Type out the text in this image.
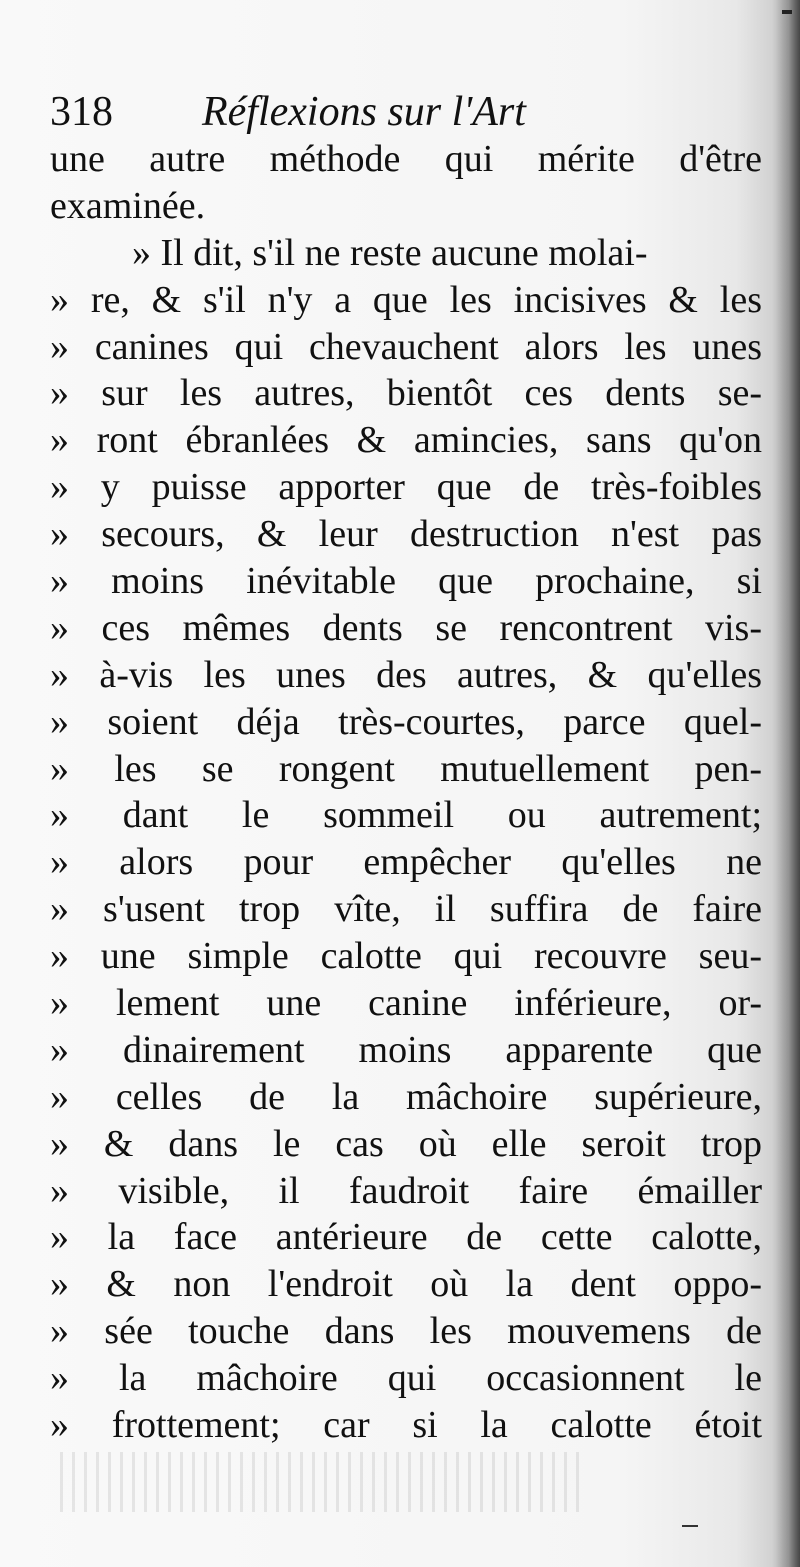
318 Réflexions sur l'Art
une autre méthode qui mérite d'être
examinée.
» Il dit, s'il ne reste aucune molai-
» re, & s'il n'y a que les incisives & les
» canines qui chevauchent alors les unes
» sur les autres, bientôt ces dents se-
» ront ébranlées & amincies, sans qu'on
» y puisse apporter que de très-foibles
» secours, & leur destruction n'est pas
» moins inévitable que prochaine, si
» ces mêmes dents se rencontrent vis-
» à-vis les unes des autres, & qu'elles
» soient déja très-courtes, parce quel-
» les se rongent mutuellement pen-
» dant le sommeil ou autrement;
» alors pour empêcher qu'elles ne
» s'usent trop vîte, il suffira de faire
» une simple calotte qui recouvre seu-
» lement une canine inférieure, or-
» dinairement moins apparente que
» celles de la mâchoire supérieure,
» & dans le cas où elle seroit trop
» visible, il faudroit faire émailler
» la face antérieure de cette calotte,
» & non l'endroit où la dent oppo-
» sée touche dans les mouvemens de
» la mâchoire qui occasionnent le
» frottement; car si la calotte étoit
